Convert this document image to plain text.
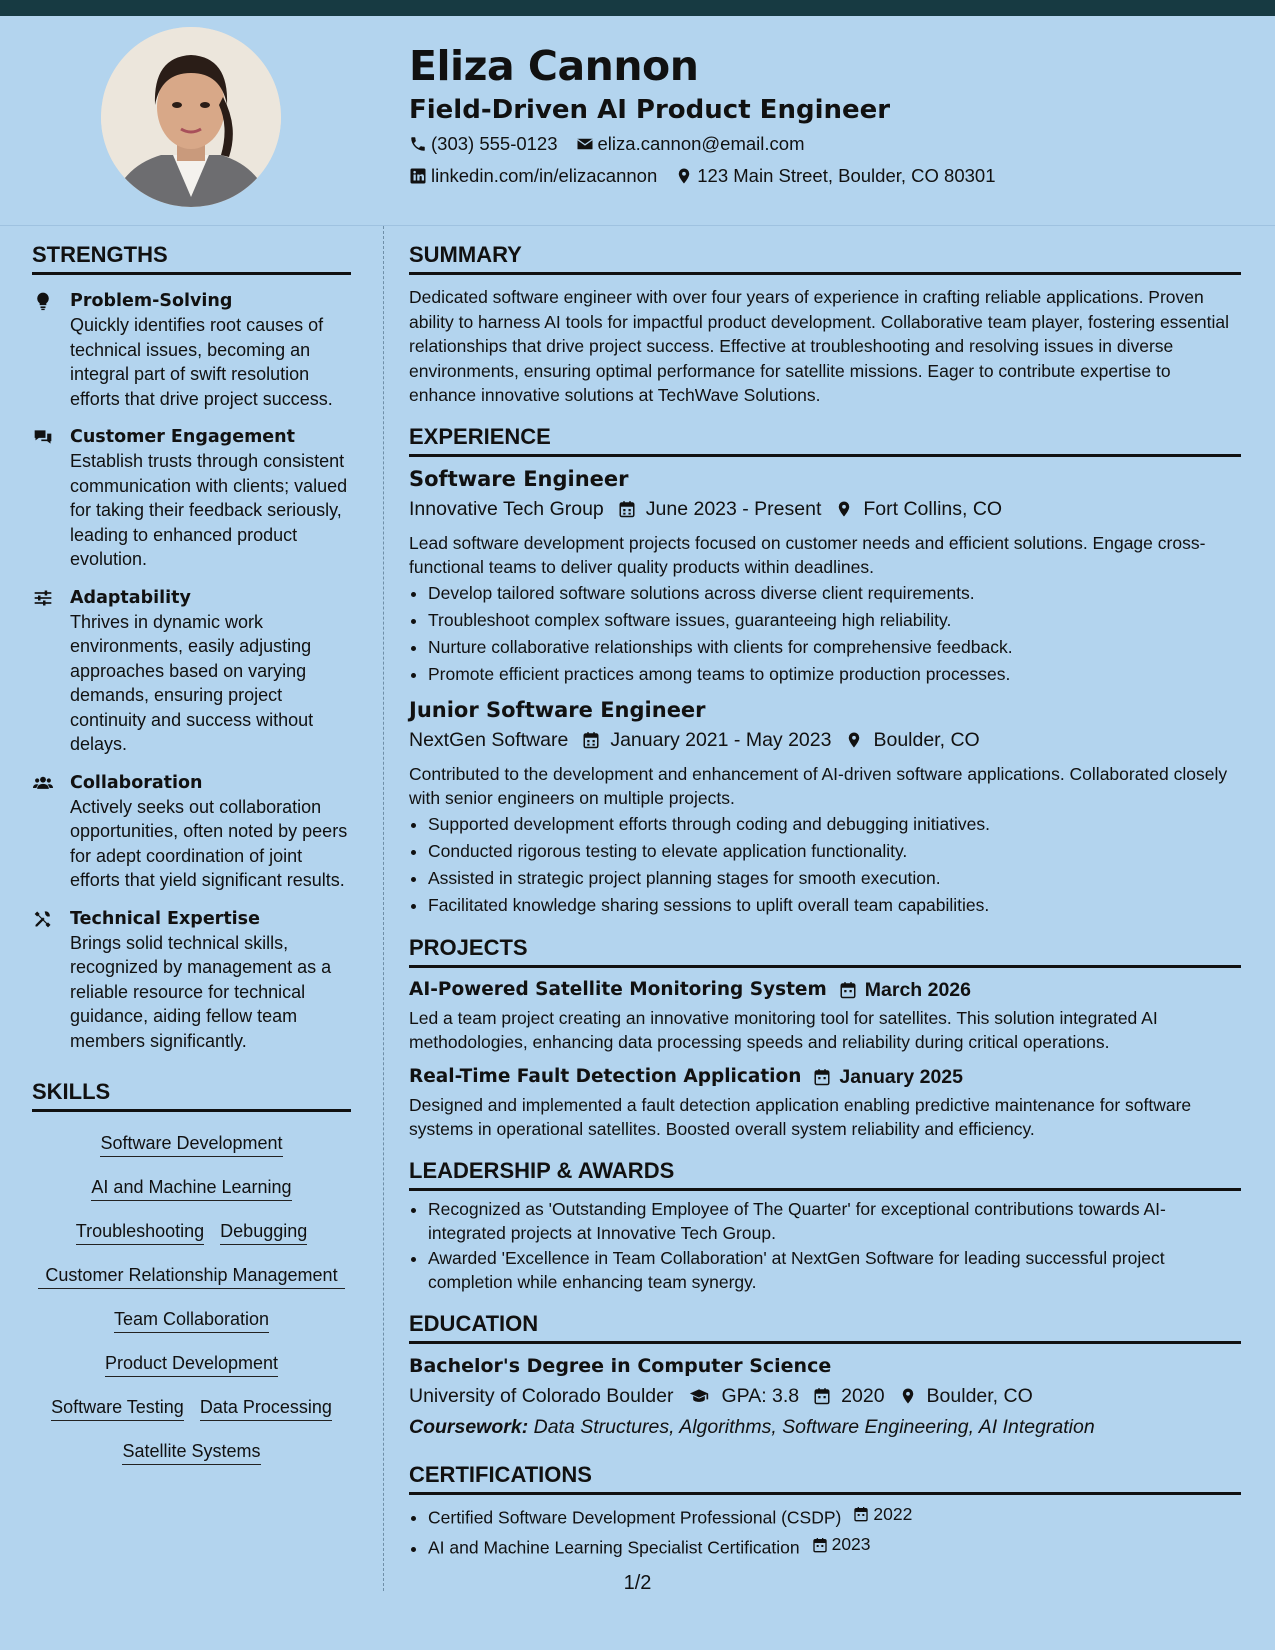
Eliza Cannon
Field-Driven AI Product Engineer
(303) 555-0123 eliza.cannon@email.com
linkedin.com/in/elizacannon 123 Main Street, Boulder, CO 80301
STRENGTHS
Problem-Solving
Quickly identifies root causes of technical issues, becoming an integral part of swift resolution efforts that drive project success.
Customer Engagement
Establish trusts through consistent communication with clients; valued for taking their feedback seriously, leading to enhanced product evolution.
Adaptability
Thrives in dynamic work environments, easily adjusting approaches based on varying demands, ensuring project continuity and success without delays.
Collaboration
Actively seeks out collaboration opportunities, often noted by peers for adept coordination of joint efforts that yield significant results.
Technical Expertise
Brings solid technical skills, recognized by management as a reliable resource for technical guidance, aiding fellow team members significantly.
SKILLS
Software Development
AI and Machine Learning
Troubleshooting Debugging
Customer Relationship Management
Team Collaboration
Product Development
Software Testing Data Processing
Satellite Systems
SUMMARY

Dedicated software engineer with over four years of experience in crafting reliable applications. Proven ability to harness AI tools for impactful product development. Collaborative team player, fostering essential relationships that drive project success. Effective at troubleshooting and resolving issues in diverse environments, ensuring optimal performance for satellite missions. Eager to contribute expertise to enhance innovative solutions at TechWave Solutions.

EXPERIENCE
Software Engineer
Innovative Tech Group June 2023 - Present Fort Collins, CO

Lead software development projects focused on customer needs and efficient solutions. Engage cross-functional teams to deliver quality products within deadlines.

• Develop tailored software solutions across diverse client requirements.
• Troubleshoot complex software issues, guaranteeing high reliability.
• Nurture collaborative relationships with clients for comprehensive feedback.
• Promote efficient practices among teams to optimize production processes.
Junior Software Engineer
NextGen Software January 2021 - May 2023 Boulder, CO

Contributed to the development and enhancement of AI-driven software applications. Collaborated closely with senior engineers on multiple projects.

• Supported development efforts through coding and debugging initiatives.
• Conducted rigorous testing to elevate application functionality.
• Assisted in strategic project planning stages for smooth execution.
• Facilitated knowledge sharing sessions to uplift overall team capabilities.
PROJECTS
AI-Powered Satellite Monitoring System March 2026

Led a team project creating an innovative monitoring tool for satellites. This solution integrated AI methodologies, enhancing data processing speeds and reliability during critical operations.

Real-Time Fault Detection Application January 2025

Designed and implemented a fault detection application enabling predictive maintenance for software systems in operational satellites. Boosted overall system reliability and efficiency.

LEADERSHIP & AWARDS
• Recognized as 'Outstanding Employee of The Quarter' for exceptional contributions towards AI-integrated projects at Innovative Tech Group.
• Awarded 'Excellence in Team Collaboration' at NextGen Software for leading successful project completion while enhancing team synergy.
EDUCATION
Bachelor's Degree in Computer Science
University of Colorado Boulder GPA: 3.8 2020 Boulder, CO
Coursework: Data Structures, Algorithms, Software Engineering, AI Integration
CERTIFICATIONS
• Certified Software Development Professional (CSDP) 2022
• AI and Machine Learning Specialist Certification 2023
1/2
